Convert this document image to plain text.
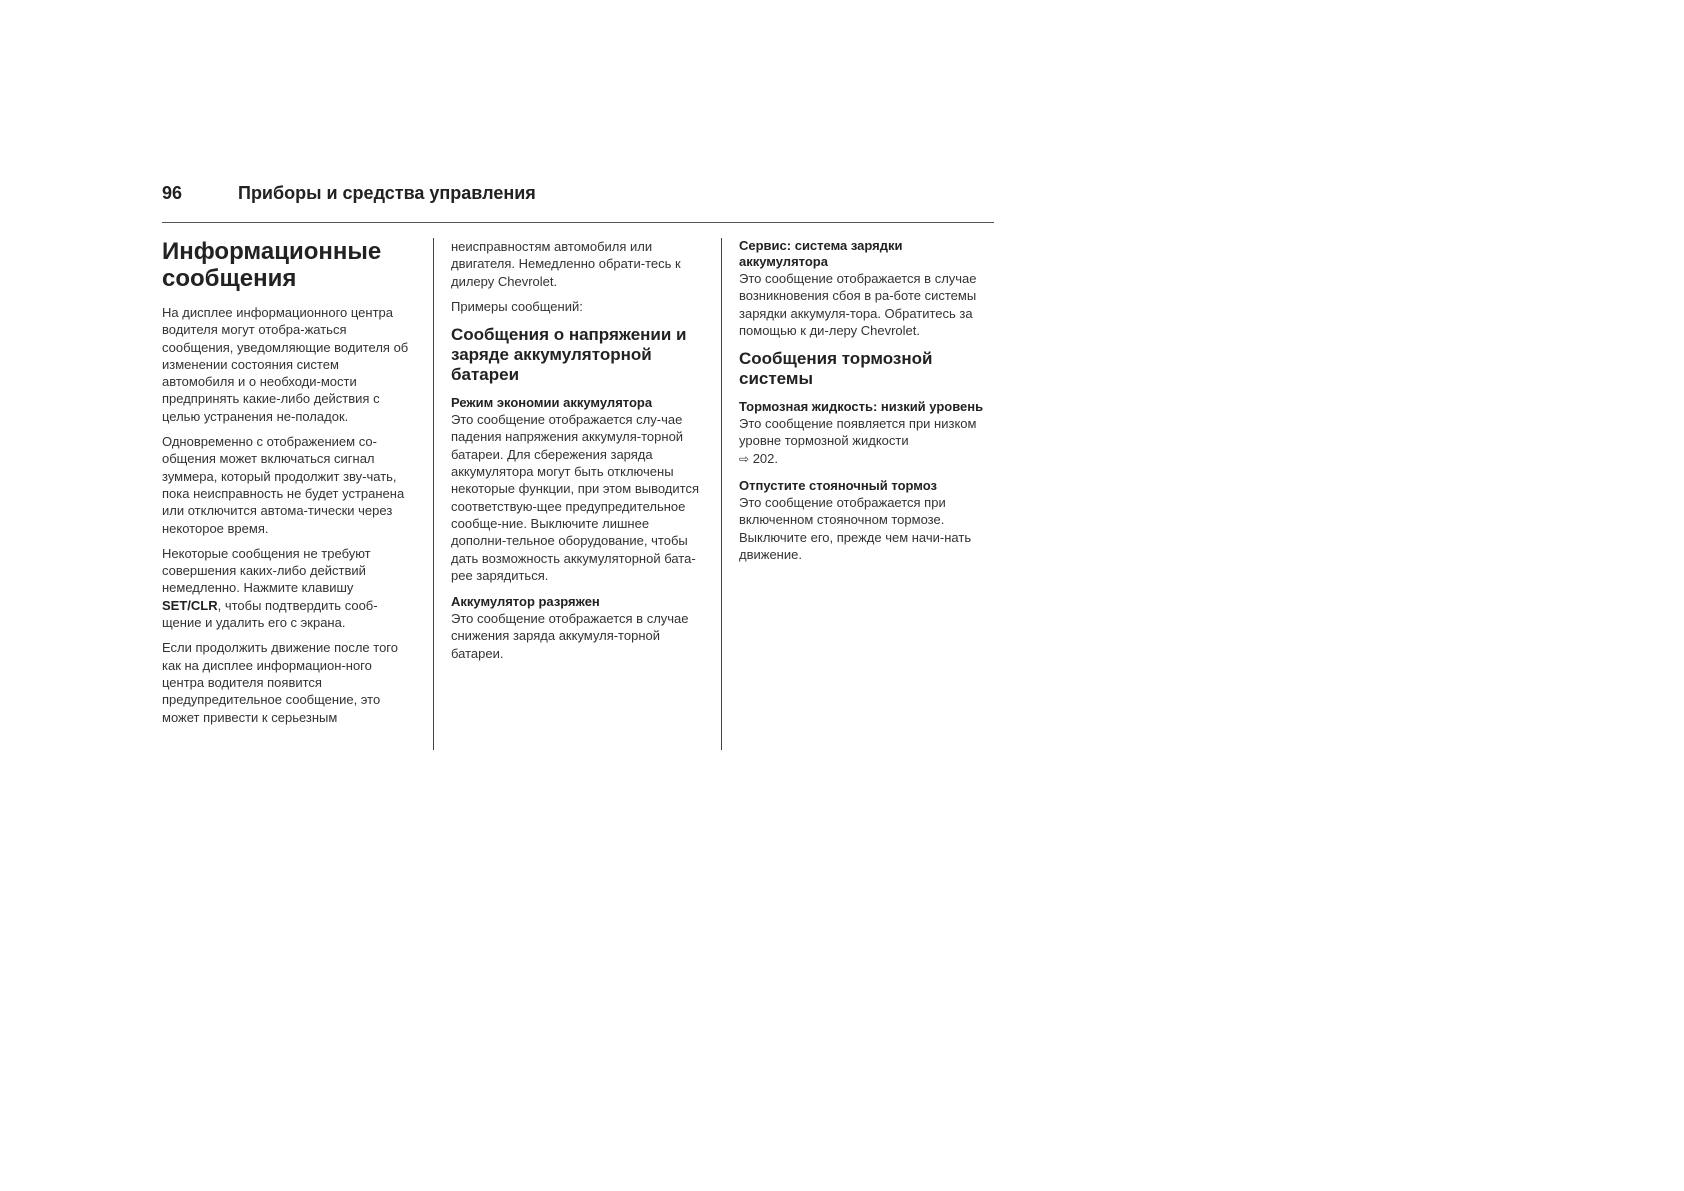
96	Приборы и средства управления
Информационные сообщения

На дисплее информационного центра водителя могут отобра-жаться сообщения, уведомляющие водителя об изменении состояния систем автомобиля и о необходи-мости предпринять какие-либо действия с целью устранения не-поладок.

Одновременно с отображением со-общения может включаться сигнал зуммера, который продолжит зву-чать, пока неисправность не будет устранена или отключится автома-тически через некоторое время.

Некоторые сообщения не требуют совершения каких-либо действий немедленно. Нажмите клавишу SET/CLR, чтобы подтвердить сооб-щение и удалить его с экрана.

Если продолжить движение после того как на дисплее информацион-ного центра водителя появится предупредительное сообщение, это может привести к серьезным

неисправностям автомобиля или двигателя. Немедленно обрати-тесь к дилеру Chevrolet.

Примеры сообщений:

Сообщения о напряжении и заряде аккумуляторной батареи
Режим экономии аккумулятора
Это сообщение отображается слу-чае падения напряжения аккумуля-торной батареи. Для сбережения заряда аккумулятора могут быть отключены некоторые функции, при этом выводится соответствую-щее предупредительное сообще-ние. Выключите лишнее дополни-тельное оборудование, чтобы дать возможность аккумуляторной бата-рее зарядиться.
Аккумулятор разряжен
Это сообщение отображается в случае снижения заряда аккумуля-торной батареи.
Сервис: система зарядки аккумулятора
Это сообщение отображается в случае возникновения сбоя в ра-боте системы зарядки аккумуля-тора. Обратитесь за помощью к ди-леру Chevrolet.
Сообщения тормозной системы
Тормозная жидкость: низкий уровень
Это сообщение появляется при низком уровне тормозной жидкости
⇨ 202.
Отпустите стояночный тормоз
Это сообщение отображается при включенном стояночном тормозе. Выключите его, прежде чем начи-нать движение.
